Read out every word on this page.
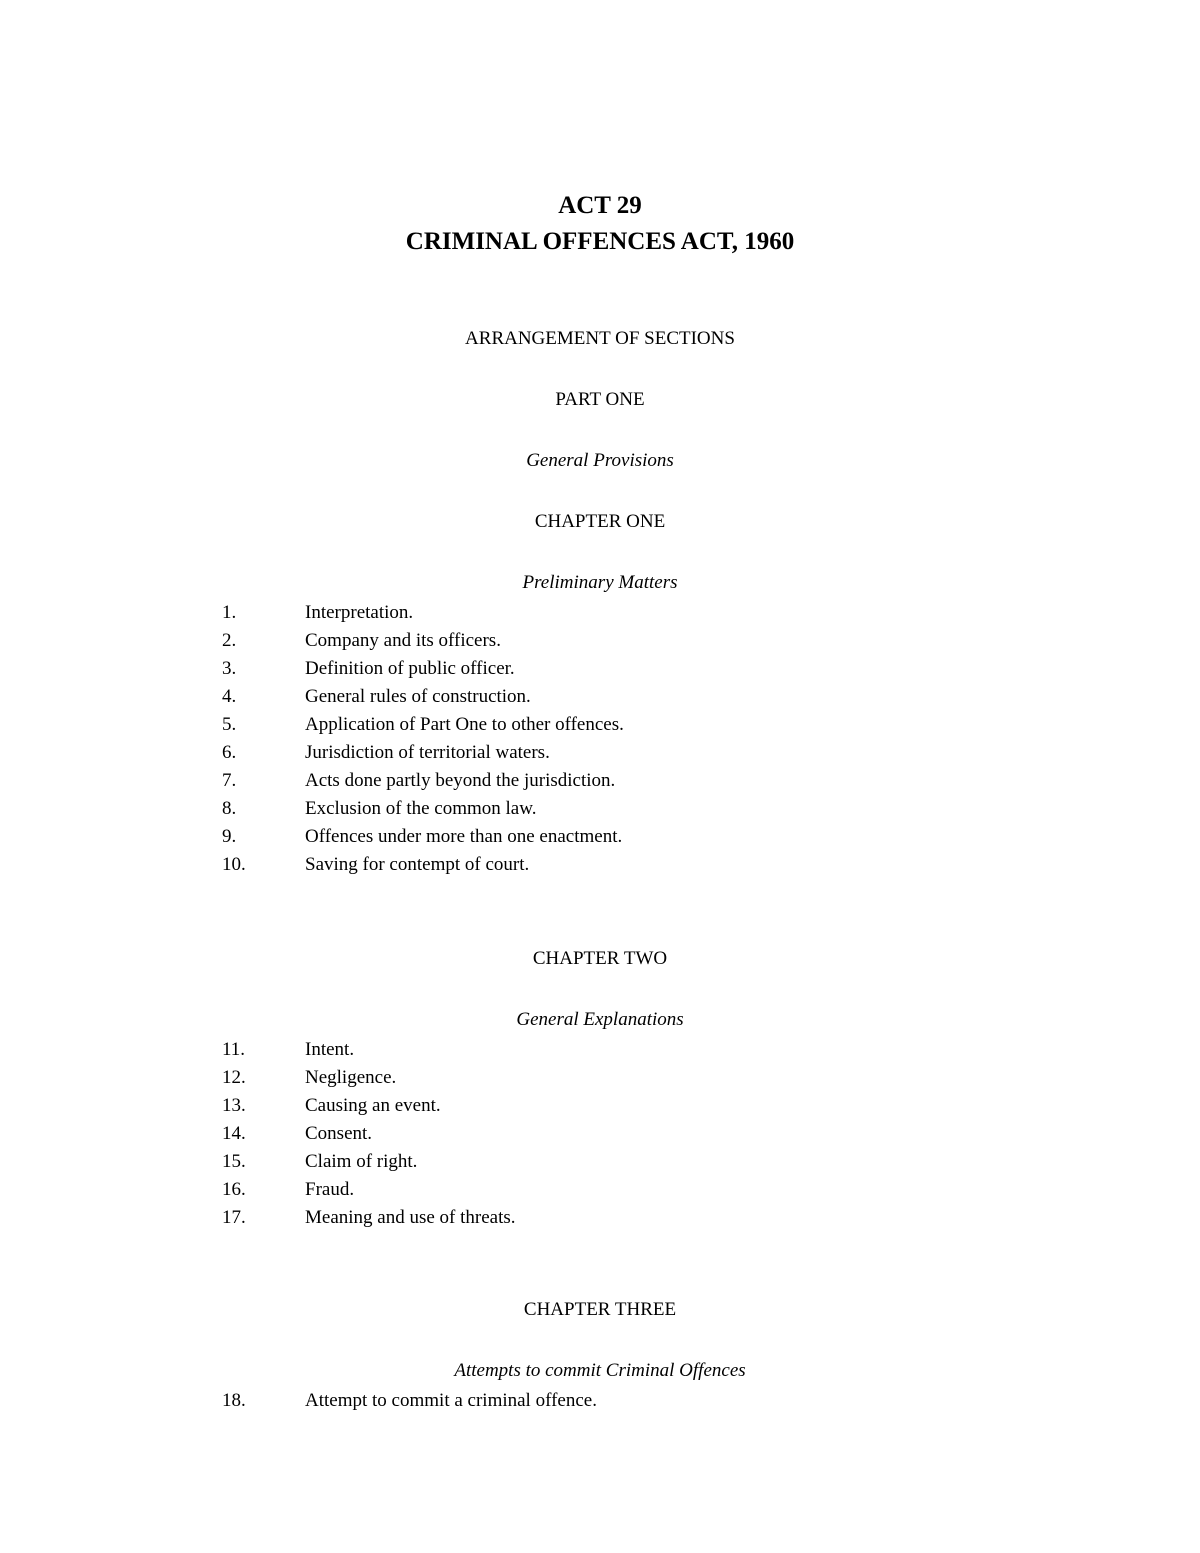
ACT 29
CRIMINAL OFFENCES ACT, 1960
ARRANGEMENT OF SECTIONS
PART ONE
General Provisions
CHAPTER ONE
Preliminary Matters
1.	Interpretation.
2.	Company and its officers.
3.	Definition of public officer.
4.	General rules of construction.
5.	Application of Part One to other offences.
6.	Jurisdiction of territorial waters.
7.	Acts done partly beyond the jurisdiction.
8.	Exclusion of the common law.
9.	Offences under more than one enactment.
10.	Saving for contempt of court.
CHAPTER TWO
General Explanations
11.	Intent.
12.	Negligence.
13.	Causing an event.
14.	Consent.
15.	Claim of right.
16.	Fraud.
17.	Meaning and use of threats.
CHAPTER THREE
Attempts to commit Criminal Offences
18.	Attempt to commit a criminal offence.
